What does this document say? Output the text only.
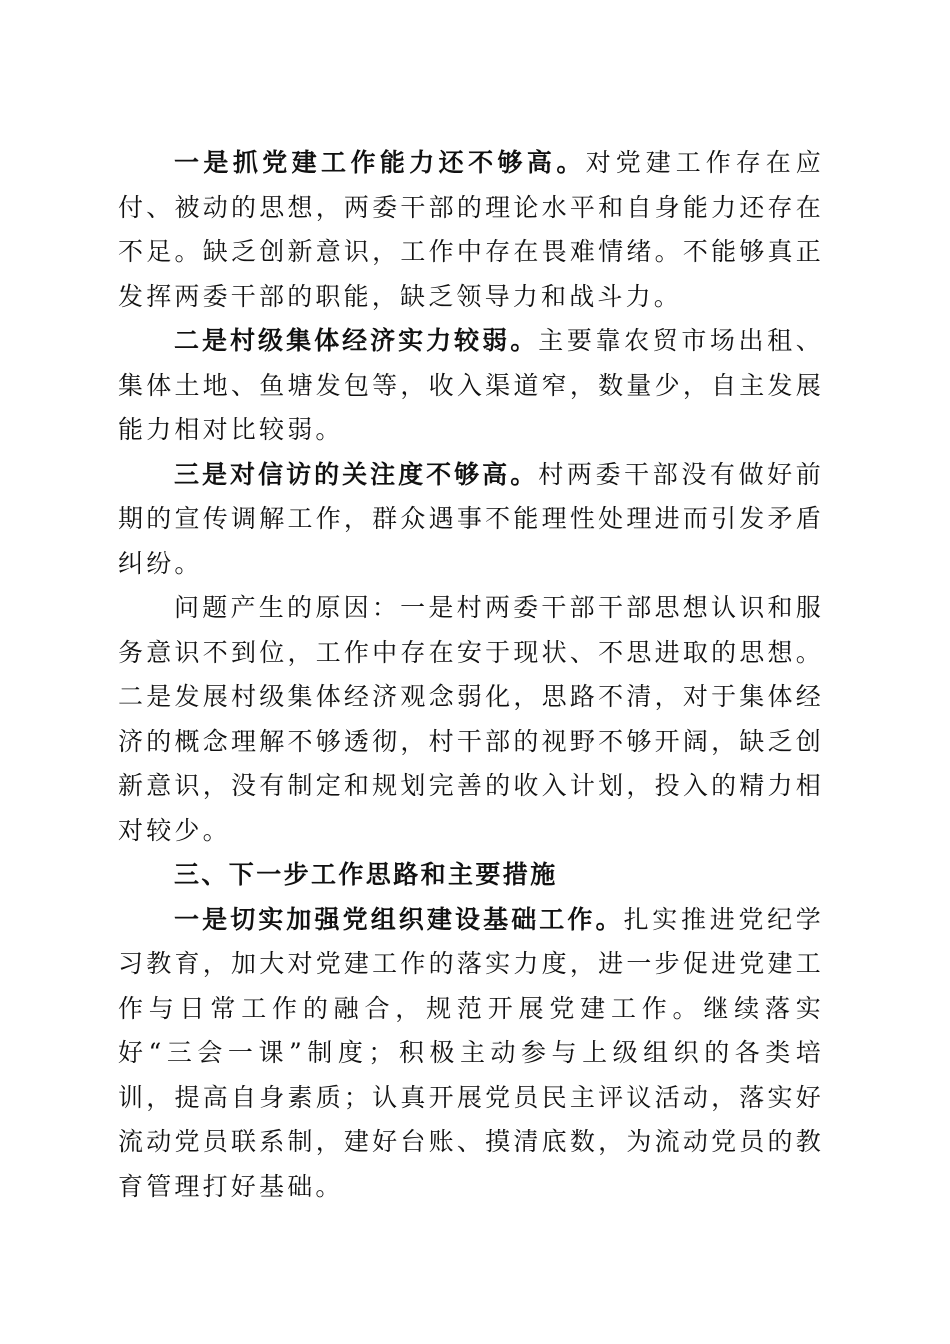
一是抓党建工作能力还不够高。对党建工作存在应付、被动的思想，两委干部的理论水平和自身能力还存在不足。缺乏创新意识，工作中存在畏难情绪。不能够真正发挥两委干部的职能，缺乏领导力和战斗力。

二是村级集体经济实力较弱。主要靠农贸市场出租、集体土地、鱼塘发包等，收入渠道窄，数量少，自主发展能力相对比较弱。

三是对信访的关注度不够高。村两委干部没有做好前期的宣传调解工作，群众遇事不能理性处理进而引发矛盾纠纷。

问题产生的原因：一是村两委干部干部思想认识和服务意识不到位，工作中存在安于现状、不思进取的思想。二是发展村级集体经济观念弱化，思路不清，对于集体经济的概念理解不够透彻，村干部的视野不够开阔，缺乏创新意识，没有制定和规划完善的收入计划，投入的精力相对较少。

三、下一步工作思路和主要措施

一是切实加强党组织建设基础工作。扎实推进党纪学习教育，加大对党建工作的落实力度，进一步促进党建工作与日常工作的融合，规范开展党建工作。继续落实好“三会一课”制度；积极主动参与上级组织的各类培训，提高自身素质；认真开展党员民主评议活动，落实好流动党员联系制，建好台账、摸清底数，为流动党员的教育管理打好基础。
